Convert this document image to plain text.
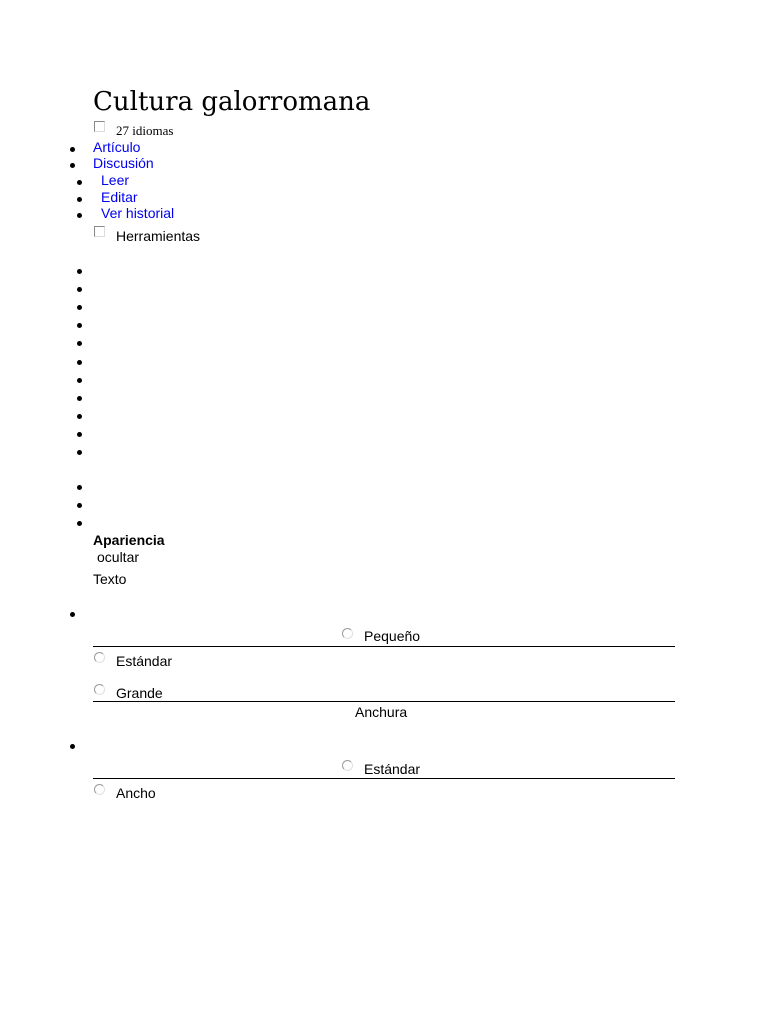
Cultura galorromana
27 idiomas
Artículo
Discusión
Leer
Editar
Ver historial
Herramientas
Apariencia
ocultar
Texto
Pequeño
Estándar
Grande
Anchura
Estándar
Ancho
